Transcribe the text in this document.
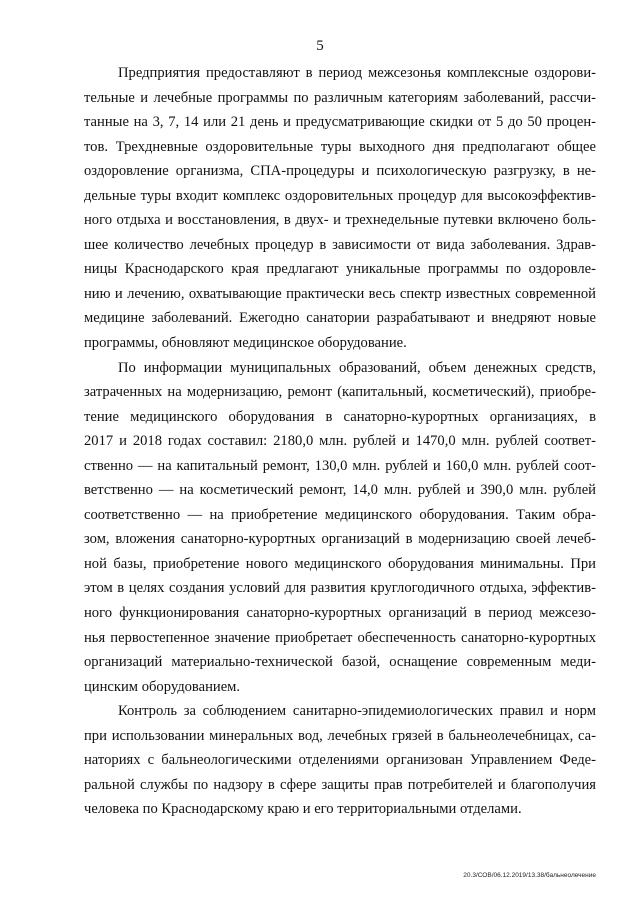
5

Предприятия предоставляют в период межсезонья комплексные оздорови-
тельные и лечебные программы по различным категориям заболеваний, рассчи-
танные на 3, 7, 14 или 21 день и предусматривающие скидки от 5 до 50 процен-
тов. Трехдневные оздоровительные туры выходного дня предполагают общее
оздоровление организма, СПА-процедуры и психологическую разгрузку, в не-
дельные туры входит комплекс оздоровительных процедур для высокоэффектив-
ного отдыха и восстановления, в двух- и трехнедельные путевки включено боль-
шее количество лечебных процедур в зависимости от вида заболевания. Здрав-
ницы Краснодарского края предлагают уникальные программы по оздоровле-
нию и лечению, охватывающие практически весь спектр известных современной
медицине заболеваний. Ежегодно санатории разрабатывают и внедряют новые
программы, обновляют медицинское оборудование.

По информации муниципальных образований, объем денежных средств,
затраченных на модернизацию, ремонт (капитальный, косметический), приобре-
тение медицинского оборудования в санаторно-курортных организациях, в
2017 и 2018 годах составил: 2180,0 млн. рублей и 1470,0 млн. рублей соответ-
ственно — на капитальный ремонт, 130,0 млн. рублей и 160,0 млн. рублей соот-
ветственно — на косметический ремонт, 14,0 млн. рублей и 390,0 млн. рублей
соответственно — на приобретение медицинского оборудования. Таким обра-
зом, вложения санаторно-курортных организаций в модернизацию своей лечеб-
ной базы, приобретение нового медицинского оборудования минимальны. При
этом в целях создания условий для развития круглогодичного отдыха, эффектив-
ного функционирования санаторно-курортных организаций в период межсезо-
нья первостепенное значение приобретает обеспеченность санаторно-курортных
организаций материально-технической базой, оснащение современным меди-
цинским оборудованием.

Контроль за соблюдением санитарно-эпидемиологических правил и норм
при использовании минеральных вод, лечебных грязей в бальнеолечебницах, са-
наториях с бальнеологическими отделениями организован Управлением Феде-
ральной службы по надзору в сфере защиты прав потребителей и благополучия
человека по Краснодарскому краю и его территориальными отделами.

20.3/СОВ/06.12.2019/13.38/бальнеолечение
